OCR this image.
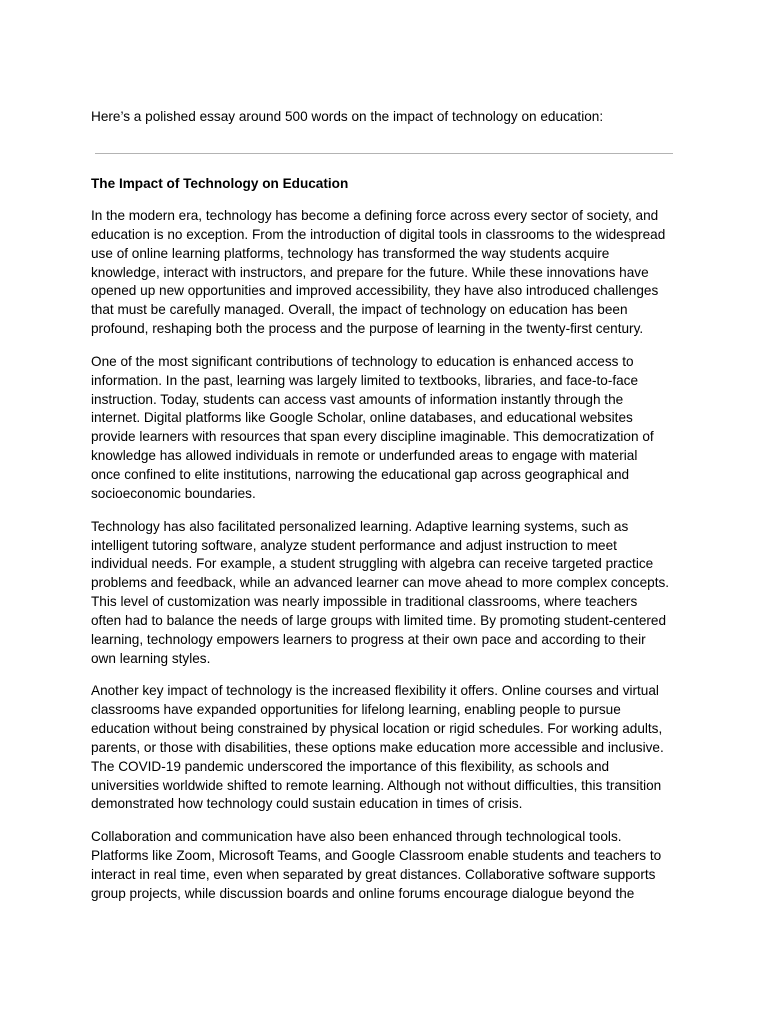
Here’s a polished essay around 500 words on the impact of technology on education:

The Impact of Technology on Education

In the modern era, technology has become a defining force across every sector of society, and
education is no exception. From the introduction of digital tools in classrooms to the widespread
use of online learning platforms, technology has transformed the way students acquire
knowledge, interact with instructors, and prepare for the future. While these innovations have
opened up new opportunities and improved accessibility, they have also introduced challenges
that must be carefully managed. Overall, the impact of technology on education has been
profound, reshaping both the process and the purpose of learning in the twenty-first century.

One of the most significant contributions of technology to education is enhanced access to
information. In the past, learning was largely limited to textbooks, libraries, and face-to-face
instruction. Today, students can access vast amounts of information instantly through the
internet. Digital platforms like Google Scholar, online databases, and educational websites
provide learners with resources that span every discipline imaginable. This democratization of
knowledge has allowed individuals in remote or underfunded areas to engage with material
once confined to elite institutions, narrowing the educational gap across geographical and
socioeconomic boundaries.

Technology has also facilitated personalized learning. Adaptive learning systems, such as
intelligent tutoring software, analyze student performance and adjust instruction to meet
individual needs. For example, a student struggling with algebra can receive targeted practice
problems and feedback, while an advanced learner can move ahead to more complex concepts.
This level of customization was nearly impossible in traditional classrooms, where teachers
often had to balance the needs of large groups with limited time. By promoting student-centered
learning, technology empowers learners to progress at their own pace and according to their
own learning styles.

Another key impact of technology is the increased flexibility it offers. Online courses and virtual
classrooms have expanded opportunities for lifelong learning, enabling people to pursue
education without being constrained by physical location or rigid schedules. For working adults,
parents, or those with disabilities, these options make education more accessible and inclusive.
The COVID-19 pandemic underscored the importance of this flexibility, as schools and
universities worldwide shifted to remote learning. Although not without difficulties, this transition
demonstrated how technology could sustain education in times of crisis.

Collaboration and communication have also been enhanced through technological tools.
Platforms like Zoom, Microsoft Teams, and Google Classroom enable students and teachers to
interact in real time, even when separated by great distances. Collaborative software supports
group projects, while discussion boards and online forums encourage dialogue beyond the
